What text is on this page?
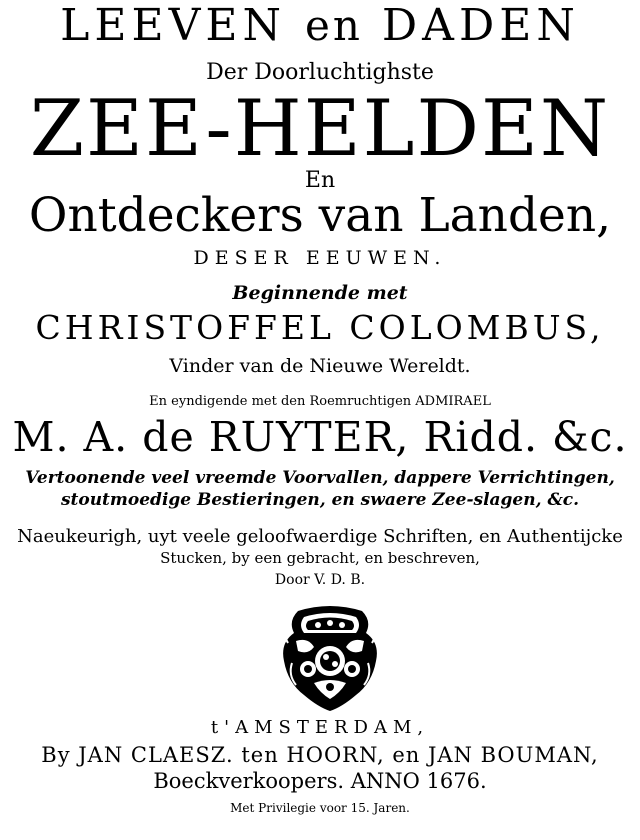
LEEVEN en DADEN
Der Doorluchtighste
ZEE-HELDEN
En
Ontdeckers van Landen,
DESER EEUWEN.
Beginnende met
CHRISTOFFEL COLOMBUS,
Vinder van de Nieuwe Wereldt.
En eyndigende met den Roemruchtigen ADMIRAEL
M. A. de RUYTER, Ridd. &c.
Vertoonende veel vreemde Voorvallen, dappere Verrichtingen,
stoutmoedige Bestieringen, en swaere Zee-slagen, &c.
Naeukeurigh, uyt veele geloofwaerdige Schriften, en Authentijcke
Stucken, by een gebracht, en beschreven,
Door V. D. B.
t'AMSTERDAM,
By JAN CLAESZ. ten HOORN, en JAN BOUMAN,
Boeckverkoopers. ANNO 1676.
Met Privilegie voor 15. Jaren.
